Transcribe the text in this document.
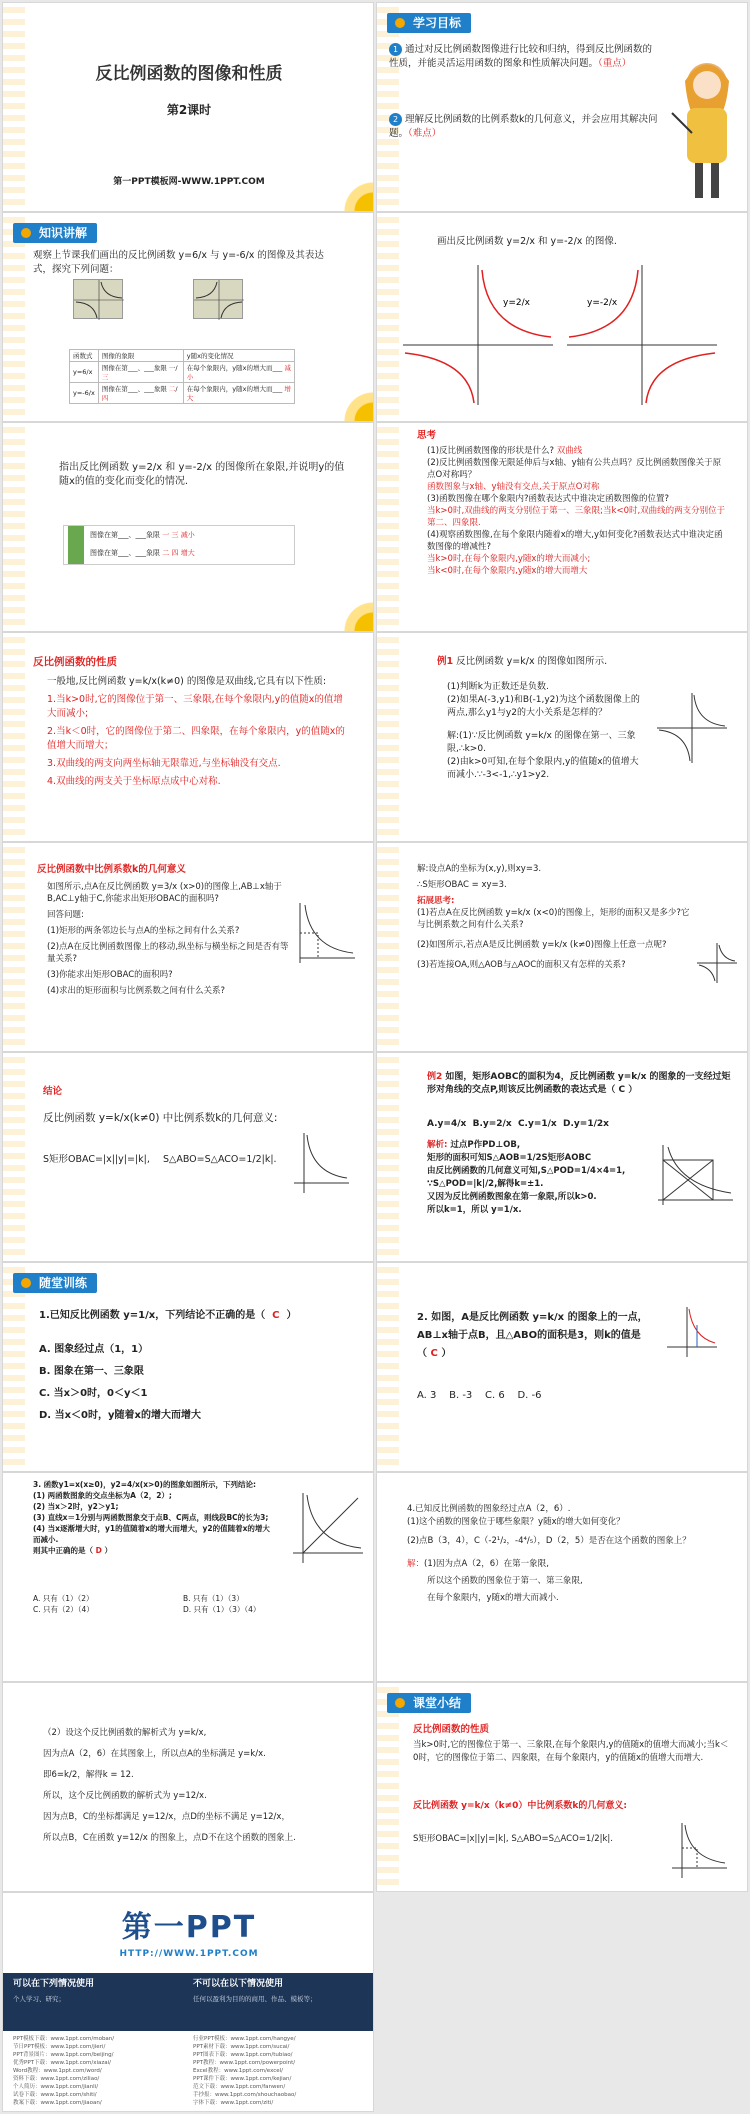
反比例函数的图像和性质
第2课时
第一PPT模板网-WWW.1PPT.COM
学习目标
1 通过对反比例函数图像进行比较和归纳，得到反比例函数的性质，并能灵活运用函数的图象和性质解决问题。（重点）
2 理解反比例函数的比例系数k的几何意义，并会应用其解决问题。（难点）
知识讲解
观察上节课我们画出的反比例函数 y=6/x 与 y=-6/x 的图像及其表达式，探究下列问题：
函数式	图像的象限	y随x的变化情况
y=6/x	图像在第___、___象限 一/三	在每个象限内，y随x的增大而___ 减小
y=-6/x	图像在第___、___象限 二/四	在每个象限内，y随x的增大而___ 增大
画出反比例函数 y=2/x 和 y=-2/x 的图像.
y=2/x	y=-2/x
指出反比例函数 y=2/x 和 y=-2/x 的图像所在象限,并说明y的值随x的值的变化而变化的情况.
图像在第___、___象限 一 三 减小
图像在第___、___象限 二 四 增大
思考
(1)反比例函数图像的形状是什么? 双曲线
(2)反比例函数图像无限延伸后与x轴、y轴有公共点吗？反比例函数图像关于原点O对称吗？
函数图象与x轴、y轴没有交点,关于原点O对称
(3)函数图像在哪个象限内?函数表达式中谁决定函数图像的位置?
当k>0时,双曲线的两支分别位于第一、三象限;当k<0时,双曲线的两支分别位于第二、四象限.
(4)观察函数图像,在每个象限内随着x的增大,y如何变化?函数表达式中谁决定函数图像的增减性?
当k>0时,在每个象限内,y随x的增大而减小;
当k<0时,在每个象限内,y随x的增大而增大
反比例函数的性质
一般地,反比例函数 y=k/x(k≠0) 的图像是双曲线,它具有以下性质:
1.当k>0时,它的图像位于第一、三象限,在每个象限内,y的值随x的值增大而减小;
2.当k＜0时，它的图像位于第二、四象限，在每个象限内，y的值随x的值增大而增大；
3.双曲线的两支向两坐标轴无限靠近,与坐标轴没有交点.
4.双曲线的两支关于坐标原点成中心对称.
例1 反比例函数 y=k/x 的图像如图所示.
(1)判断k为正数还是负数.
(2)如果A(-3,y1)和B(-1,y2)为这个函数图像上的两点,那么y1与y2的大小关系是怎样的？
解:(1)∵反比例函数 y=k/x 的图像在第一、三象限,∴k>0.
(2)由k>0可知,在每个象限内,y的值随x的值增大而减小.∵-3<-1,∴y1>y2.
反比例函数中比例系数k的几何意义
如图所示,点A在反比例函数 y=3/x (x>0)的图像上,AB⊥x轴于B,AC⊥y轴于C,你能求出矩形OBAC的面积吗?
回答问题:
(1)矩形的两条邻边长与点A的坐标之间有什么关系?
(2)点A在反比例函数图像上的移动,纵坐标与横坐标之间是否有等量关系?
(3)你能求出矩形OBAC的面积吗?
(4)求出的矩形面积与比例系数之间有什么关系?
解:设点A的坐标为(x,y),则xy=3.
∴S矩形OBAC = xy=3.
拓展思考:
(1)若点A在反比例函数 y=k/x (x<0)的图像上，矩形的面积又是多少?它与比例系数之间有什么关系?
(2)如图所示,若点A是反比例函数 y=k/x (k≠0)图像上任意一点呢?
(3)若连接OA,则△AOB与△AOC的面积又有怎样的关系?
结论
反比例函数 y=k/x(k≠0) 中比例系数k的几何意义:
S矩形OBAC=|x||y|=|k|, S△ABO=S△ACO=1/2|k|.
例2 如图，矩形AOBC的面积为4，反比例函数 y=k/x 的图象的一支经过矩形对角线的交点P,则该反比例函数的表达式是（ C ）
A.y=4/x B.y=2/x C.y=1/x D.y=1/2x
解析: 过点P作PD⊥OB,
矩形的面积可知S△AOB=1/2S矩形AOBC
由反比例函数的几何意义可知,S△POD=1/4×4=1,
∵S△POD=|k|/2,解得k=±1.
又因为反比例函数图象在第一象限,所以k>0.
所以k=1，所以 y=1/x.
随堂训练
1.已知反比例函数 y=1/x，下列结论不正确的是（ C ）
A. 图象经过点（1，1）
B. 图象在第一、三象限
C. 当x＞0时，0＜y＜1
D. 当x＜0时，y随着x的增大而增大
2. 如图，A是反比例函数 y=k/x 的图象上的一点，AB⊥x轴于点B，且△ABO的面积是3，则k的值是（ C ）
A. 3 B. -3 C. 6 D. -6
3. 函数y1=x(x≥0)，y2=4/x(x>0)的图象如图所示，下列结论:
(1) 两函数图象的交点坐标为A（2，2）;
(2) 当x＞2时，y2＞y1;
(3) 直线x＝1分别与两函数图象交于点B、C两点，则线段BC的长为3;
(4) 当x逐渐增大时，y1的值随着x的增大而增大，y2的值随着x的增大而减小.
则其中正确的是（ D ）
A. 只有（1）（2）	B. 只有（1）（3）
C. 只有（2）（4）	D. 只有（1）（3）（4）
4.已知反比例函数的图象经过点A（2，6）.
(1)这个函数的图象位于哪些象限？y随x的增大如何变化？
(2)点B（3，4），C（-2¹/₂，-4⁴/₅），D（2，5）是否在这个函数的图象上？
解：(1)因为点A（2，6）在第一象限,
所以这个函数的图象位于第一、第三象限,
在每个象限内，y随x的增大而减小.
（2）设这个反比例函数的解析式为 y=k/x,
因为点A（2，6）在其图象上，所以点A的坐标满足 y=k/x.
即6=k/2，解得k = 12.
所以，这个反比例函数的解析式为 y=12/x.
因为点B，C的坐标都满足 y=12/x，点D的坐标不满足 y=12/x，
所以点B，C在函数 y=12/x 的图象上，点D不在这个函数的图象上.
课堂小结
反比例函数的性质
当k>0时,它的图像位于第一、三象限,在每个象限内,y的值随x的值增大而减小;当k＜0时，它的图像位于第二、四象限，在每个象限内，y的值随x的值增大而增大.
反比例函数 y=k/x（k≠0）中比例系数k的几何意义:
S矩形OBAC=|x||y|=|k|, S△ABO=S△ACO=1/2|k|.
第一PPT
HTTP://WWW.1PPT.COM
可以在下列情况使用
个人学习、研究；
不可以在以下情况使用
任何以盈利为目的的商用、作品、模板等；
PPT模板下载：www.1ppt.com/moban/
节日PPT模板：www.1ppt.com/jieri/
PPT背景图片：www.1ppt.com/beijing/
优秀PPT下载：www.1ppt.com/xiazai/
Word教程：www.1ppt.com/word/
资料下载：www.1ppt.com/ziliao/
个人简历：www.1ppt.com/jianli/
试卷下载：www.1ppt.com/shiti/
教案下载：www.1ppt.com/jiaoan/
行业PPT模板：www.1ppt.com/hangye/
PPT素材下载：www.1ppt.com/sucai/
PPT图表下载：www.1ppt.com/tubiao/
PPT教程：www.1ppt.com/powerpoint/
Excel教程：www.1ppt.com/excel/
PPT课件下载：www.1ppt.com/kejian/
范文下载：www.1ppt.com/fanwen/
手抄报：www.1ppt.com/shouchaobao/
字体下载：www.1ppt.com/ziti/
